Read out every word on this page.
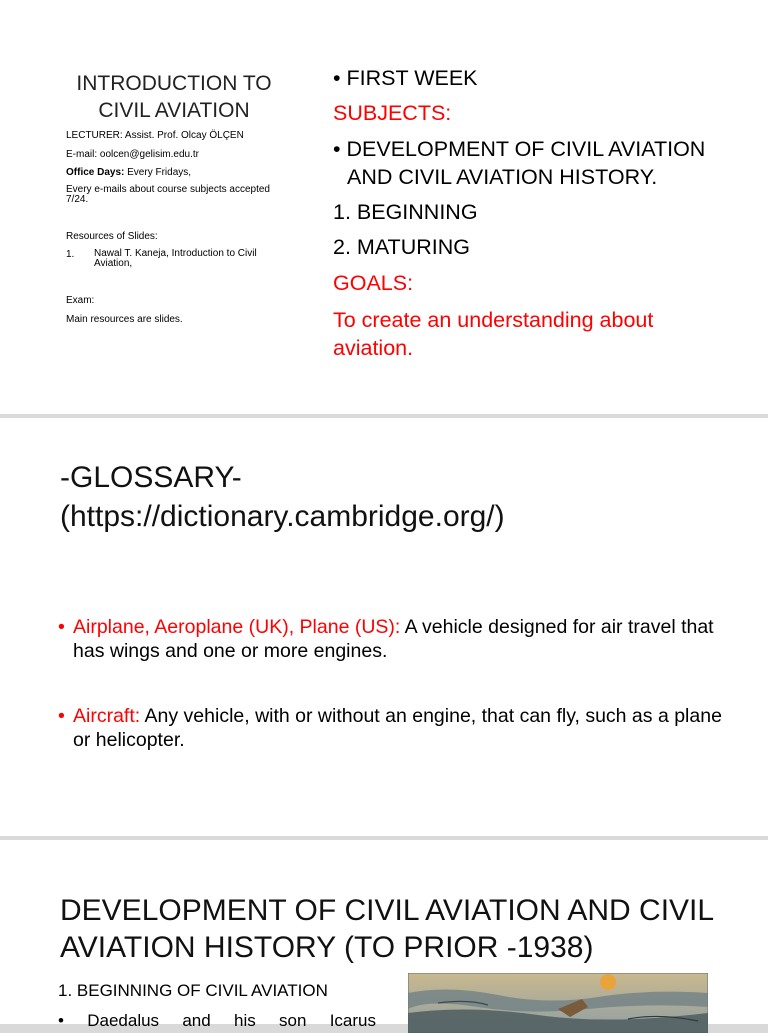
INTRODUCTION TO
CIVIL AVIATION
LECTURER: Assist. Prof. Olcay ÖLÇEN
E-mail: oolcen@gelisim.edu.tr
Office Days: Every Fridays,
Every e-mails about course subjects accepted 7/24.
Resources of Slides:
1. Nawal T. Kaneja, Introduction to Civil Aviation,
Exam:
Main resources are slides.
• FIRST WEEK
SUBJECTS:
• DEVELOPMENT OF CIVIL AVIATION AND CIVIL AVIATION HISTORY.
1. BEGINNING
2. MATURING
GOALS:
To create an understanding about aviation.
-GLOSSARY-
(https://dictionary.cambridge.org/)
• Airplane, Aeroplane (UK), Plane (US): A vehicle designed for air travel that has wings and one or more engines.
• Aircraft: Any vehicle, with or without an engine, that can fly, such as a plane or helicopter.
DEVELOPMENT OF CIVIL AVIATION AND CIVIL AVIATION HISTORY (TO PRIOR -1938)
1. BEGINNING OF CIVIL AVIATION
• Daedalus and his son Icarus
